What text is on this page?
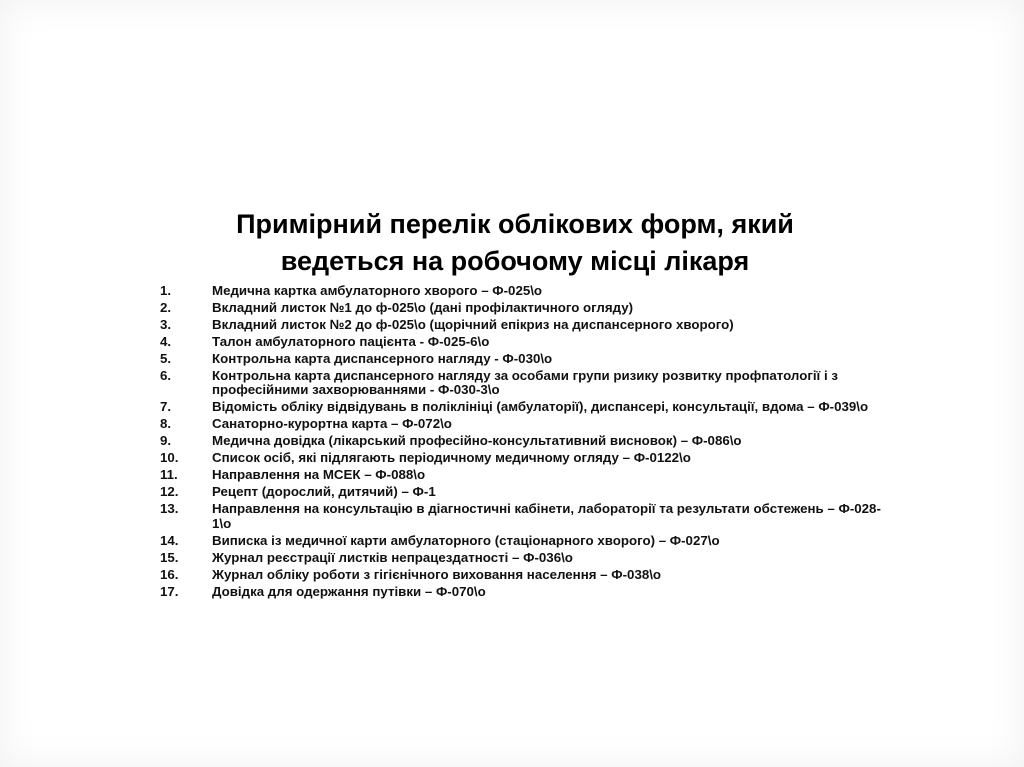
Примірний перелік облікових форм, який
ведеться на робочому місці лікаря
1.	Медична картка амбулаторного хворого – Ф-025\о
2.	Вкладний листок №1 до ф-025\о (дані профілактичного огляду)
3.	Вкладний листок №2 до ф-025\о (щорічний епікриз на диспансерного хворого)
4.	Талон амбулаторного пацієнта - Ф-025-6\о
5.	Контрольна карта диспансерного нагляду - Ф-030\о
6.	Контрольна карта диспансерного нагляду за особами групи ризику розвитку профпатології і з професійними захворюваннями - Ф-030-3\о
7.	Відомість обліку відвідувань в поліклініці (амбулаторії), диспансері, консультації, вдома – Ф-039\о
8.	Санаторно-курортна карта – Ф-072\о
9.	Медична довідка (лікарський професійно-консультативний висновок) – Ф-086\о
10.	Список осіб, які підлягають періодичному медичному огляду – Ф-0122\о
11.	Направлення на МСЕК – Ф-088\о
12.	Рецепт (дорослий, дитячий) – Ф-1
13.	Направлення на консультацію в діагностичні кабінети, лабораторії та результати обстежень – Ф-028-1\о
14.	Виписка із медичної карти амбулаторного (стаціонарного хворого) – Ф-027\о
15.	Журнал реєстрації листків непрацездатності – Ф-036\о
16.	Журнал обліку роботи з гігієнічного виховання населення – Ф-038\о
17.	Довідка для одержання путівки – Ф-070\о
